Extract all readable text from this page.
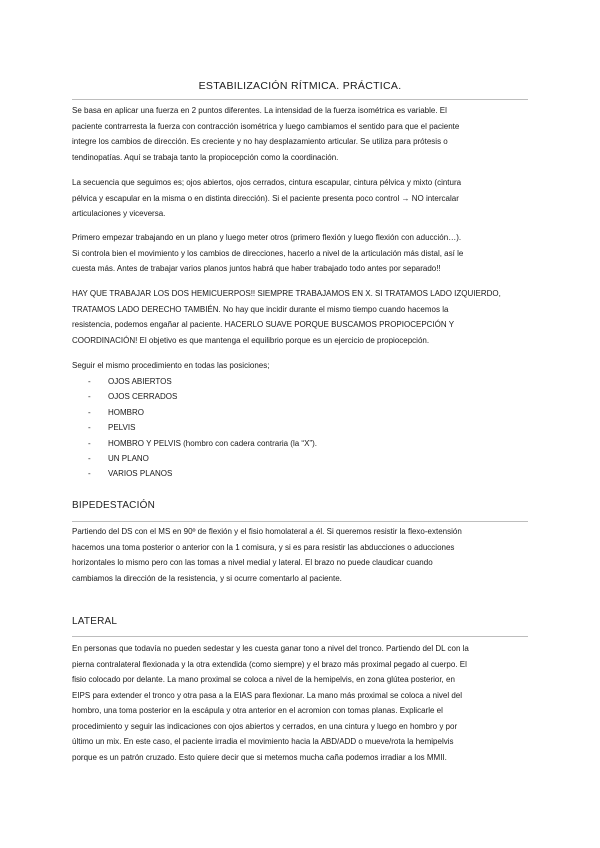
ESTABILIZACIÓN RÍTMICA. PRÁCTICA.
Se basa en aplicar una fuerza en 2 puntos diferentes. La intensidad de la fuerza isométrica es variable. El
paciente contrarresta la fuerza con contracción isométrica y luego cambiamos el sentido para que el paciente
integre los cambios de dirección. Es creciente y no hay desplazamiento articular. Se utiliza para prótesis o
tendinopatías. Aquí se trabaja tanto la propiocepción como la coordinación.
La secuencia que seguimos es; ojos abiertos, ojos cerrados, cintura escapular, cintura pélvica y mixto (cintura
pélvica y escapular en la misma o en distinta dirección). Si el paciente presenta poco control → NO intercalar
articulaciones y viceversa.
Primero empezar trabajando en un plano y luego meter otros (primero flexión y luego flexión con aducción…).
Si controla bien el movimiento y los cambios de direcciones, hacerlo a nivel de la articulación más distal, así le
cuesta más. Antes de trabajar varios planos juntos habrá que haber trabajado todo antes por separado!!
HAY QUE TRABAJAR LOS DOS HEMICUERPOS!! SIEMPRE TRABAJAMOS EN X. SI TRATAMOS LADO IZQUIERDO,
TRATAMOS LADO DERECHO TAMBIÉN. No hay que incidir durante el mismo tiempo cuando hacemos la
resistencia, podemos engañar al paciente. HACERLO SUAVE PORQUE BUSCAMOS PROPIOCEPCIÓN Y
COORDINACIÓN! El objetivo es que mantenga el equilibrio porque es un ejercicio de propiocepción.
Seguir el mismo procedimiento en todas las posiciones;
- OJOS ABIERTOS
- OJOS CERRADOS
- HOMBRO
- PELVIS
- HOMBRO Y PELVIS (hombro con cadera contraria (la “X”).
- UN PLANO
- VARIOS PLANOS
BIPEDESTACIÓN
Partiendo del DS con el MS en 90º de flexión y el fisio homolateral a él. Si queremos resistir la flexo-extensión
hacemos una toma posterior o anterior con la 1 comisura, y si es para resistir las abducciones o aducciones
horizontales lo mismo pero con las tomas a nivel medial y lateral. El brazo no puede claudicar cuando
cambiamos la dirección de la resistencia, y si ocurre comentarlo al paciente.
LATERAL
En personas que todavía no pueden sedestar y les cuesta ganar tono a nivel del tronco. Partiendo del DL con la
pierna contralateral flexionada y la otra extendida (como siempre) y el brazo más proximal pegado al cuerpo. El
fisio colocado por delante. La mano proximal se coloca a nivel de la hemipelvis, en zona glútea posterior, en
EIPS para extender el tronco y otra pasa a la EIAS para flexionar. La mano más proximal se coloca a nivel del
hombro, una toma posterior en la escápula y otra anterior en el acromion con tomas planas. Explicarle el
procedimiento y seguir las indicaciones con ojos abiertos y cerrados, en una cintura y luego en hombro y por
último un mix. En este caso, el paciente irradia el movimiento hacia la ABD/ADD o mueve/rota la hemipelvis
porque es un patrón cruzado. Esto quiere decir que si metemos mucha caña podemos irradiar a los MMII.
